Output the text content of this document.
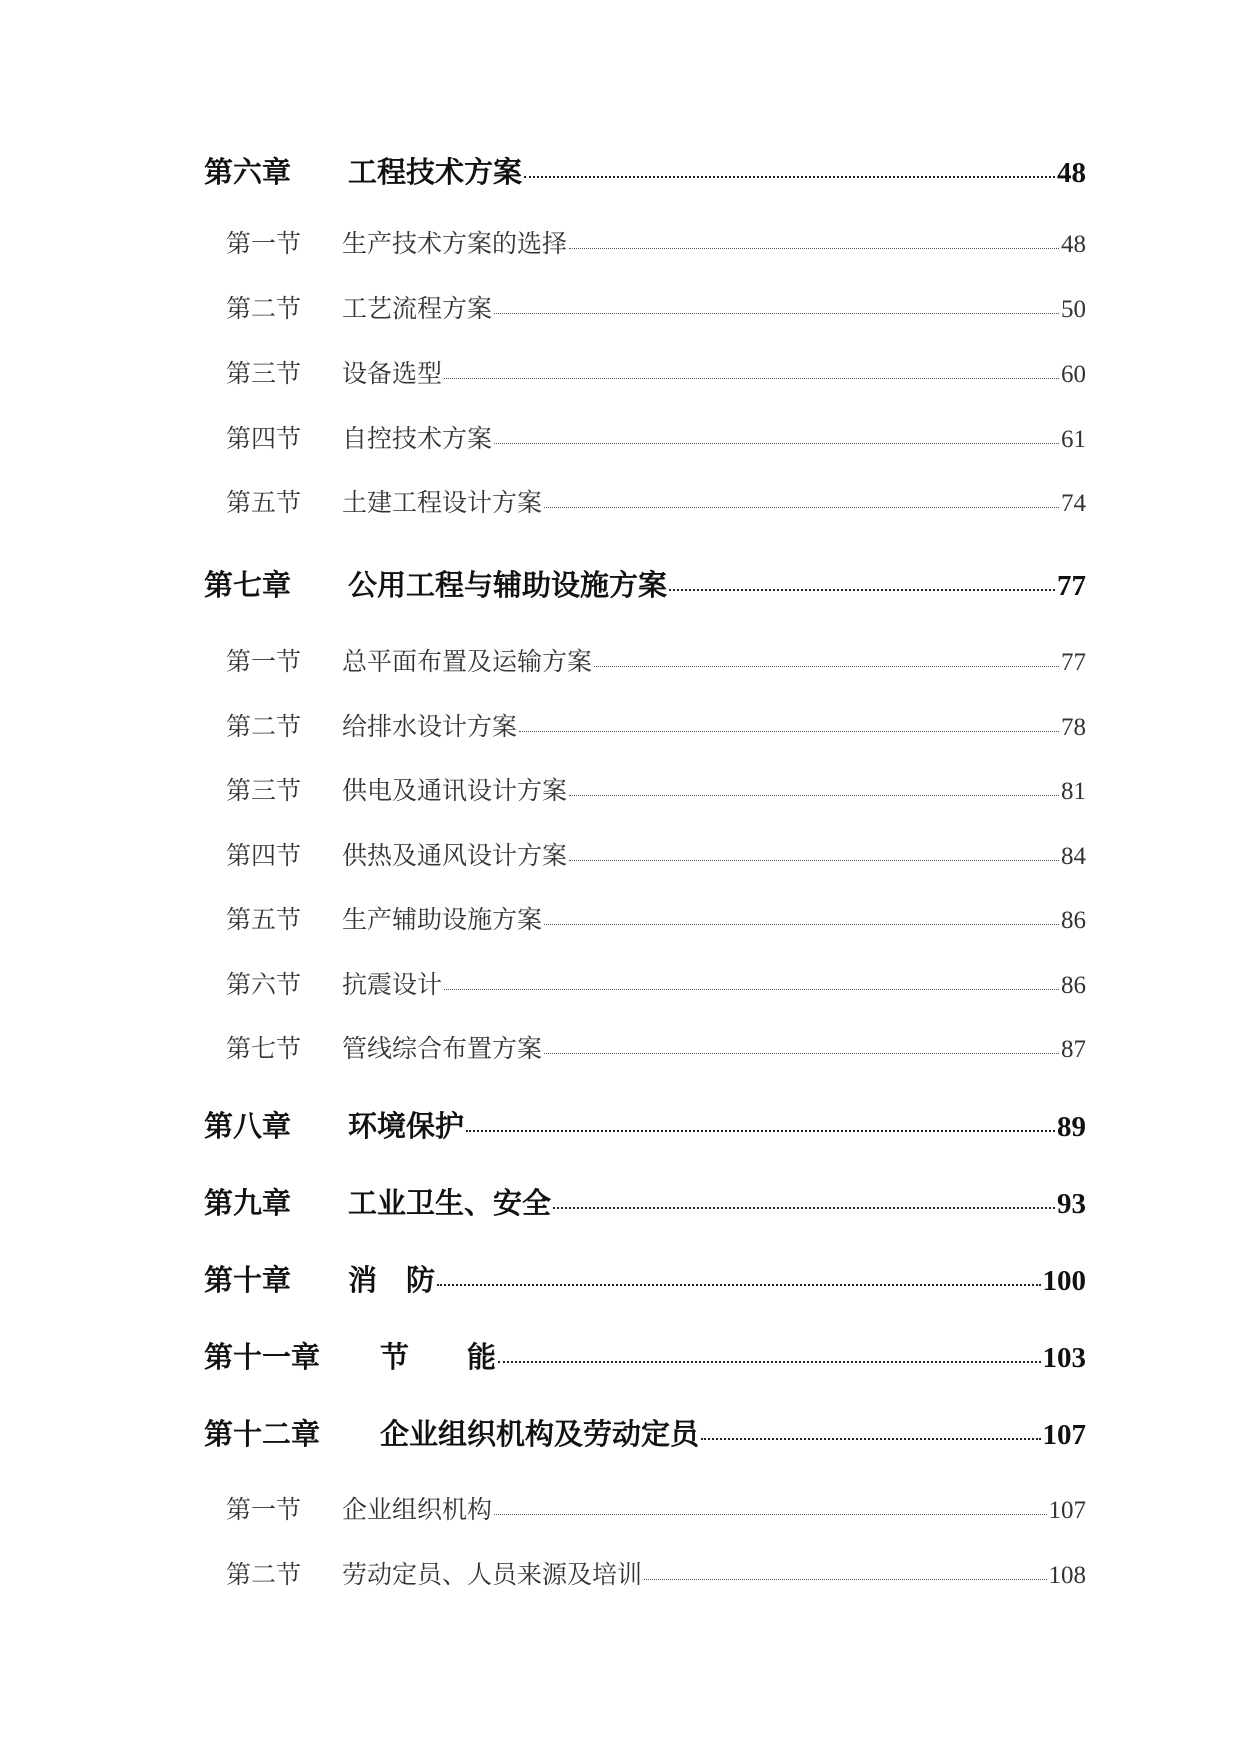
第六章	工程技术方案	48
第一节	生产技术方案的选择	48
第二节	工艺流程方案	50
第三节	设备选型	60
第四节	自控技术方案	61
第五节	土建工程设计方案	74
第七章	公用工程与辅助设施方案	77
第一节	总平面布置及运输方案	77
第二节	给排水设计方案	78
第三节	供电及通讯设计方案	81
第四节	供热及通风设计方案	84
第五节	生产辅助设施方案	86
第六节	抗震设计	86
第七节	管线综合布置方案	87
第八章	环境保护	89
第九章	工业卫生、安全	93
第十章	消　防	100
第十一章	节　　能	103
第十二章	企业组织机构及劳动定员	107
第一节	企业组织机构	107
第二节	劳动定员、人员来源及培训	108
